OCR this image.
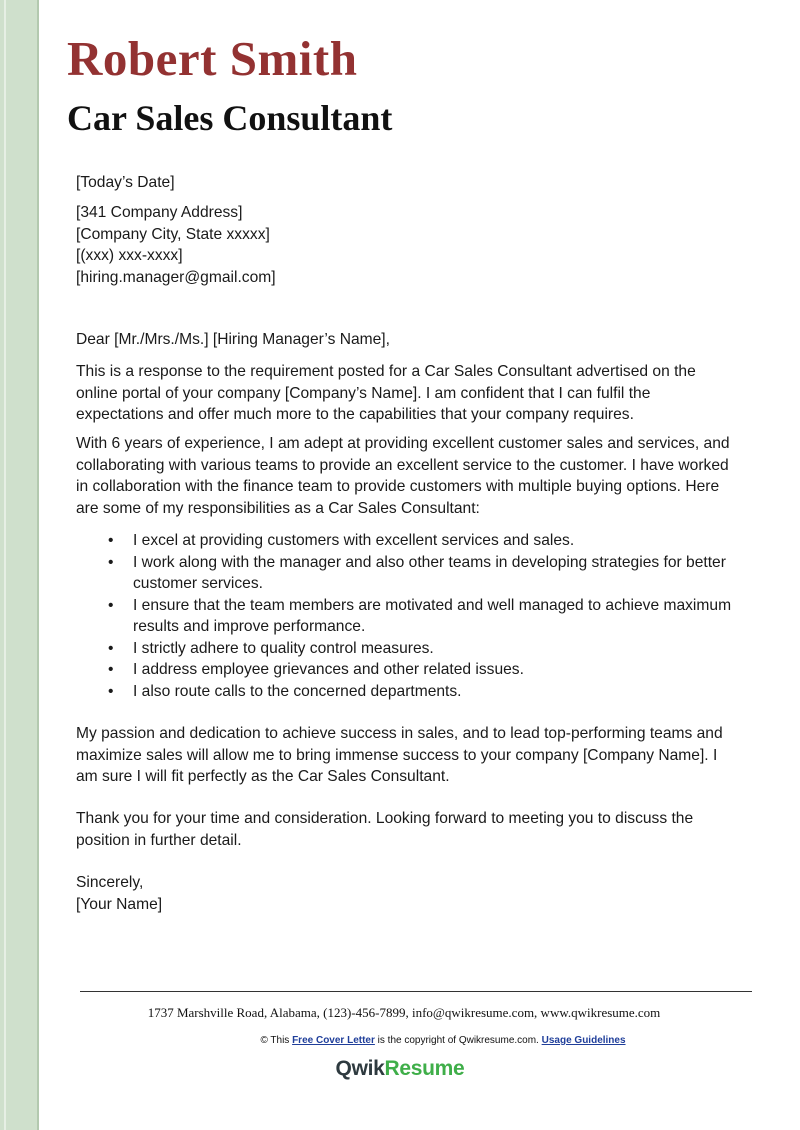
Robert Smith
Car Sales Consultant
[Today’s Date]

[341 Company Address]

[Company City, State xxxxx]

[(xxx) xxx-xxxx]

[hiring.manager@gmail.com]

Dear [Mr./Mrs./Ms.] [Hiring Manager’s Name],
This is a response to the requirement posted for a Car Sales Consultant advertised on the online portal of your company [Company’s Name]. I am confident that I can fulfil the expectations and offer much more to the capabilities that your company requires.
With 6 years of experience, I am adept at providing excellent customer sales and services, and collaborating with various teams to provide an excellent service to the customer. I have worked in collaboration with the finance team to provide customers with multiple buying options. Here are some of my responsibilities as a Car Sales Consultant:
• I excel at providing customers with excellent services and sales.
• I work along with the manager and also other teams in developing strategies for better customer services.
• I ensure that the team members are motivated and well managed to achieve maximum results and improve performance.
• I strictly adhere to quality control measures.
• I address employee grievances and other related issues.
• I also route calls to the concerned departments.
My passion and dedication to achieve success in sales, and to lead top-performing teams and maximize sales will allow me to bring immense success to your company [Company Name]. I am sure I will fit perfectly as the Car Sales Consultant.
Thank you for your time and consideration. Looking forward to meeting you to discuss the position in further detail.

Sincerely,

[Your Name]

1737 Marshville Road, Alabama, (123)-456-7899, info@qwikresume.com, www.qwikresume.com
© This Free Cover Letter is the copyright of Qwikresume.com. Usage Guidelines
QwikResume
